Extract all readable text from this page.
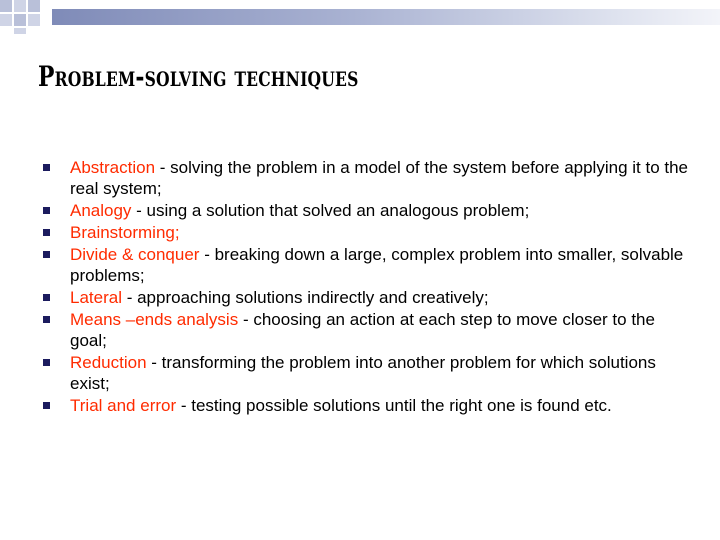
Problem-solving techniques
Abstraction - solving the problem in a model of the system before applying it to the real system;
Analogy - using a solution that solved an analogous problem;
Brainstorming;
Divide & conquer - breaking down a large, complex problem into smaller, solvable problems;
Lateral - approaching solutions indirectly and creatively;
Means –ends analysis - choosing an action at each step to move closer to the goal;
Reduction - transforming the problem into another problem for which solutions exist;
Trial and error - testing possible solutions until the right one is found etc.
